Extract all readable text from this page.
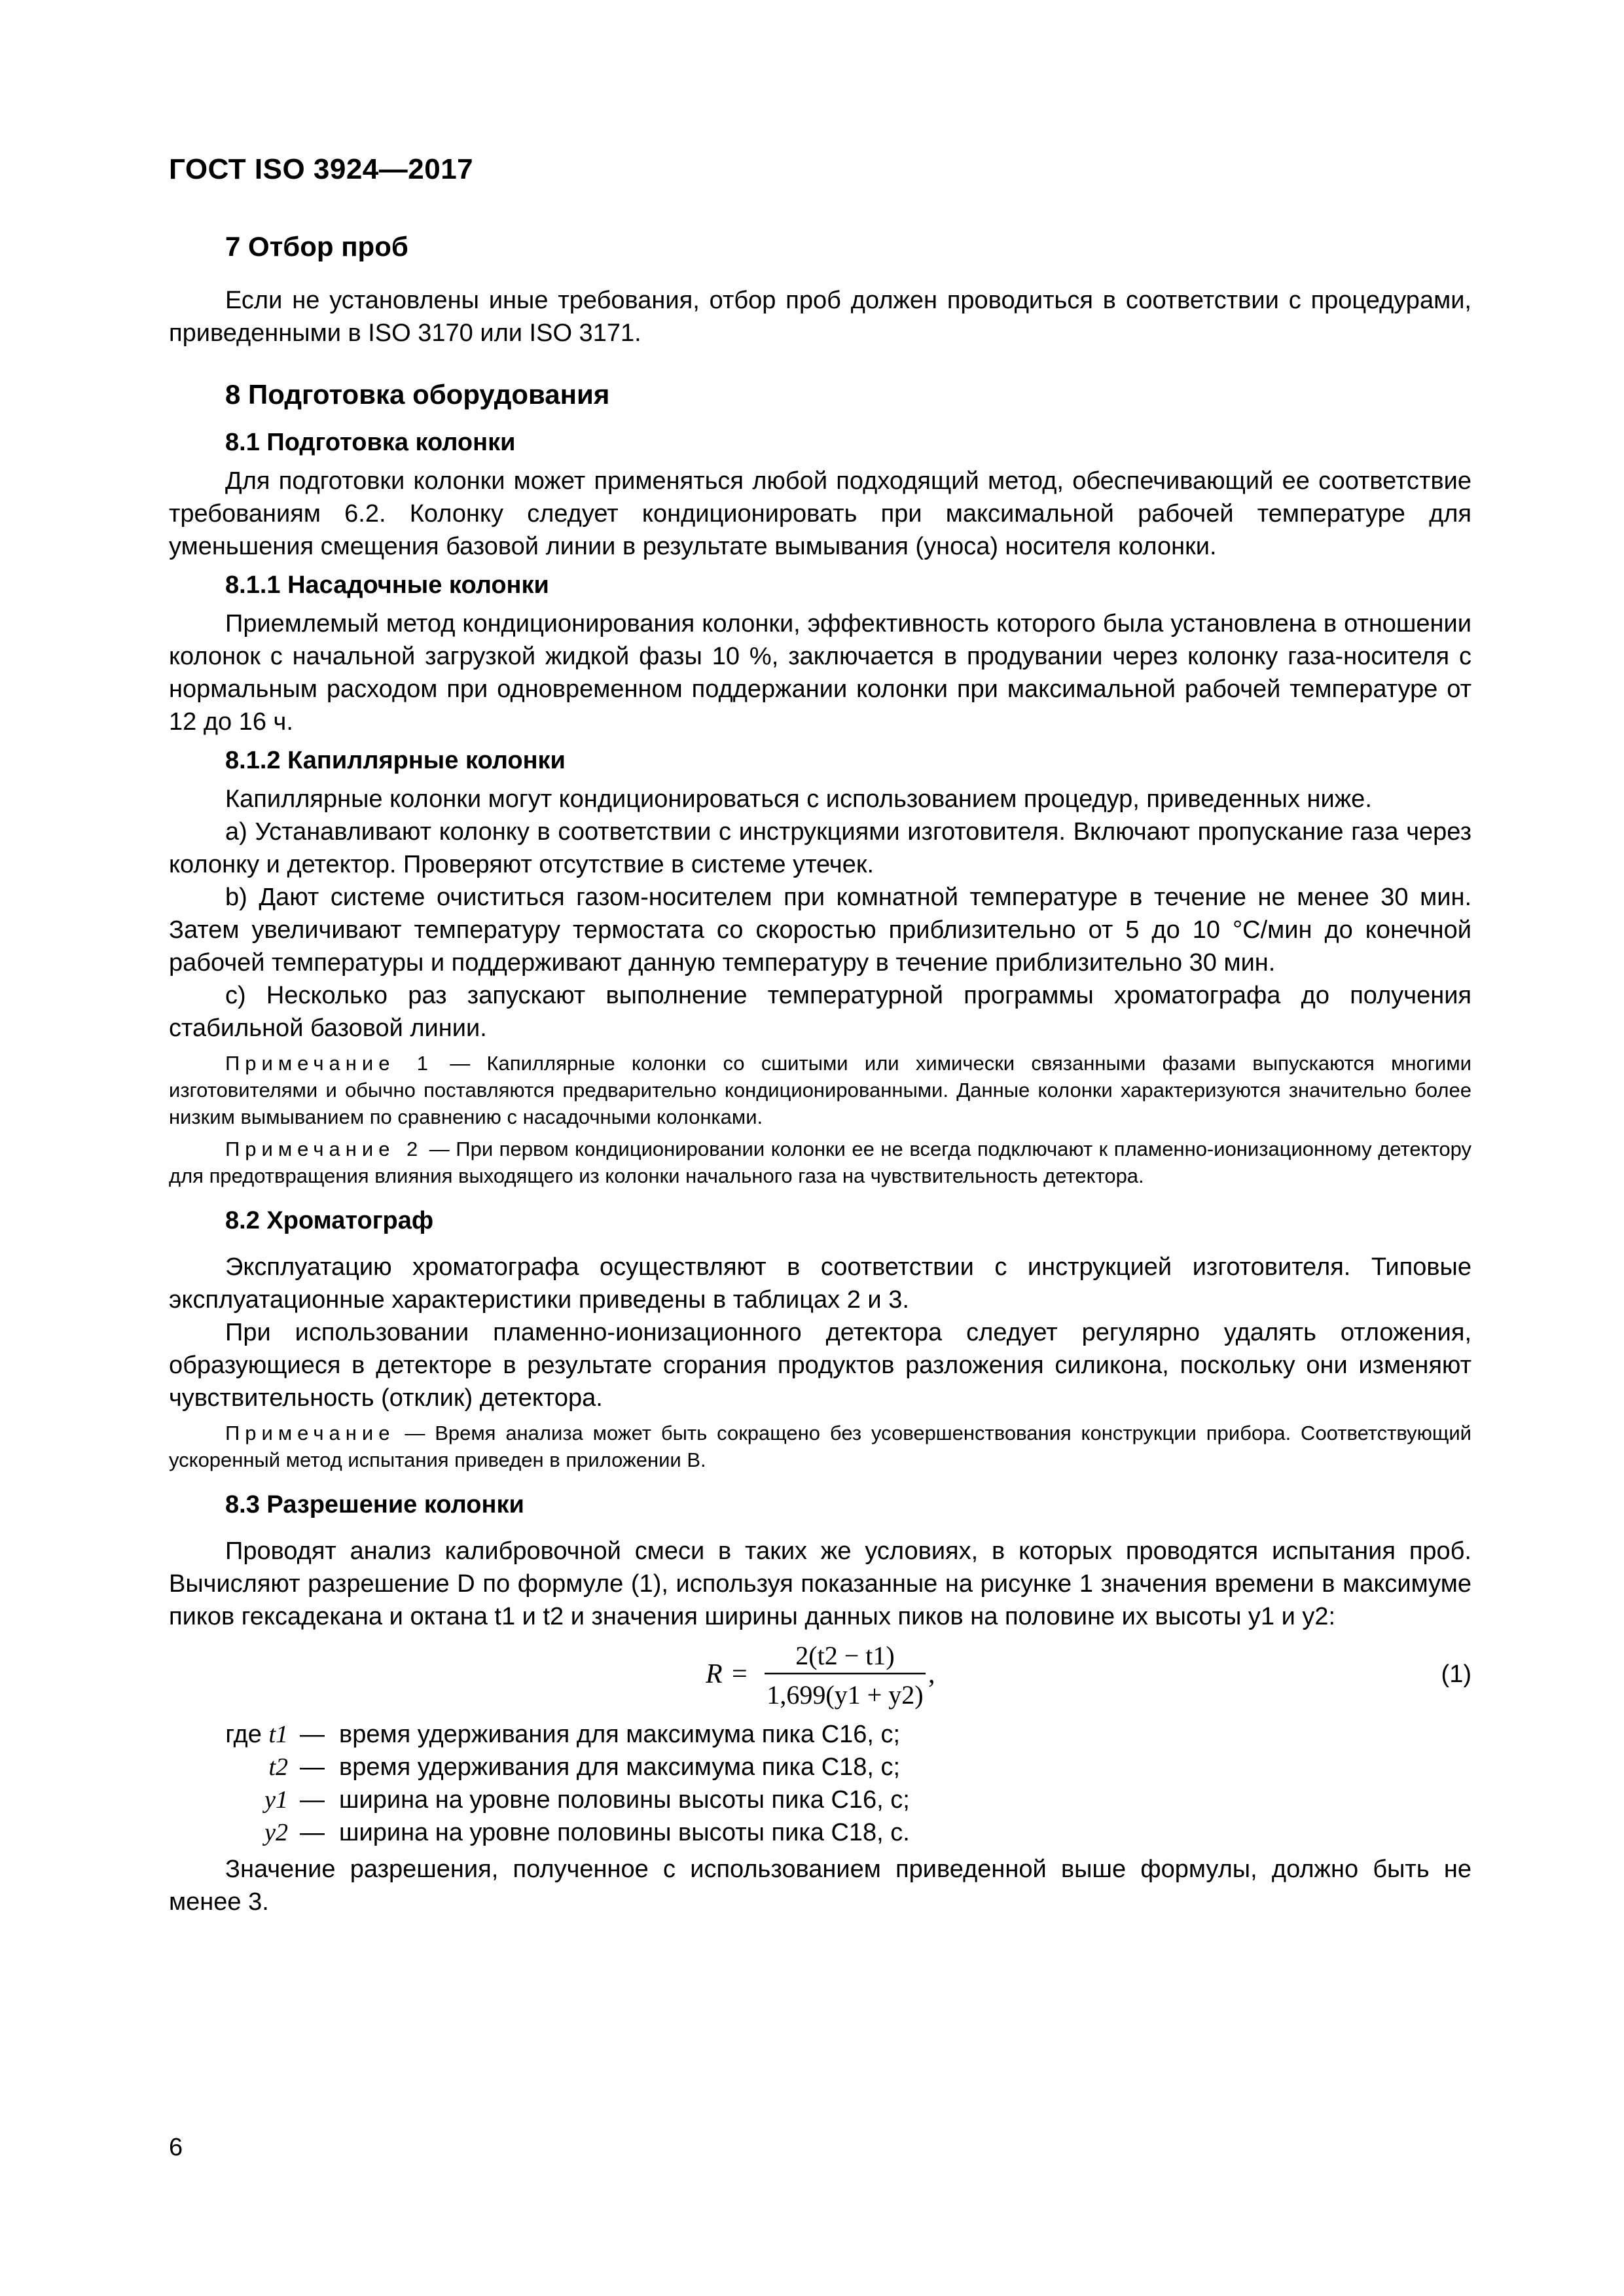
ГОСТ ISO 3924—2017
7 Отбор проб

Если не установлены иные требования, отбор проб должен проводиться в соответствии с процедурами, приведенными в ISO 3170 или ISO 3171.

8 Подготовка оборудования
8.1 Подготовка колонки

Для подготовки колонки может применяться любой подходящий метод, обеспечивающий ее соответствие требованиям 6.2. Колонку следует кондиционировать при максимальной рабочей температуре для уменьшения смещения базовой линии в результате вымывания (уноса) носителя колонки.

8.1.1 Насадочные колонки

Приемлемый метод кондиционирования колонки, эффективность которого была установлена в отношении колонок с начальной загрузкой жидкой фазы 10 %, заключается в продувании через колонку газа-носителя с нормальным расходом при одновременном поддержании колонки при максимальной рабочей температуре от 12 до 16 ч.

8.1.2 Капиллярные колонки

Капиллярные колонки могут кондиционироваться с использованием процедур, приведенных ниже.

a) Устанавливают колонку в соответствии с инструкциями изготовителя. Включают пропускание газа через колонку и детектор. Проверяют отсутствие в системе утечек.

b) Дают системе очиститься газом-носителем при комнатной температуре в течение не менее 30 мин. Затем увеличивают температуру термостата со скоростью приблизительно от 5 до 10 °C/мин до конечной рабочей температуры и поддерживают данную температуру в течение приблизительно 30 мин.

c) Несколько раз запускают выполнение температурной программы хроматографа до получения стабильной базовой линии.

Примечание 1 — Капиллярные колонки со сшитыми или химически связанными фазами выпускаются многими изготовителями и обычно поставляются предварительно кондиционированными. Данные колонки характеризуются значительно более низким вымыванием по сравнению с насадочными колонками.
Примечание 2 — При первом кондиционировании колонки ее не всегда подключают к пламенно-ионизационному детектору для предотвращения влияния выходящего из колонки начального газа на чувствительность детектора.
8.2 Хроматограф

Эксплуатацию хроматографа осуществляют в соответствии с инструкцией изготовителя. Типовые эксплуатационные характеристики приведены в таблицах 2 и 3.

При использовании пламенно-ионизационного детектора следует регулярно удалять отложения, образующиеся в детекторе в результате сгорания продуктов разложения силикона, поскольку они изменяют чувствительность (отклик) детектора.

Примечание — Время анализа может быть сокращено без усовершенствования конструкции прибора. Соответствующий ускоренный метод испытания приведен в приложении В.
8.3 Разрешение колонки

Проводят анализ калибровочной смеси в таких же условиях, в которых проводятся испытания проб. Вычисляют разрешение D по формуле (1), используя показанные на рисунке 1 значения времени в максимуме пиков гексадекана и октана t1 и t2 и значения ширины данных пиков на половине их высоты y1 и y2:

R =
2(t2 − t1)
1,699(y1 + y2)
,	(1)
где t1 — время удерживания для максимума пика C16, с;
t2 — время удерживания для максимума пика C18, с;
y1 — ширина на уровне половины высоты пика C16, с;
y2 — ширина на уровне половины высоты пика C18, с.

Значение разрешения, полученное с использованием приведенной выше формулы, должно быть не менее 3.

6
